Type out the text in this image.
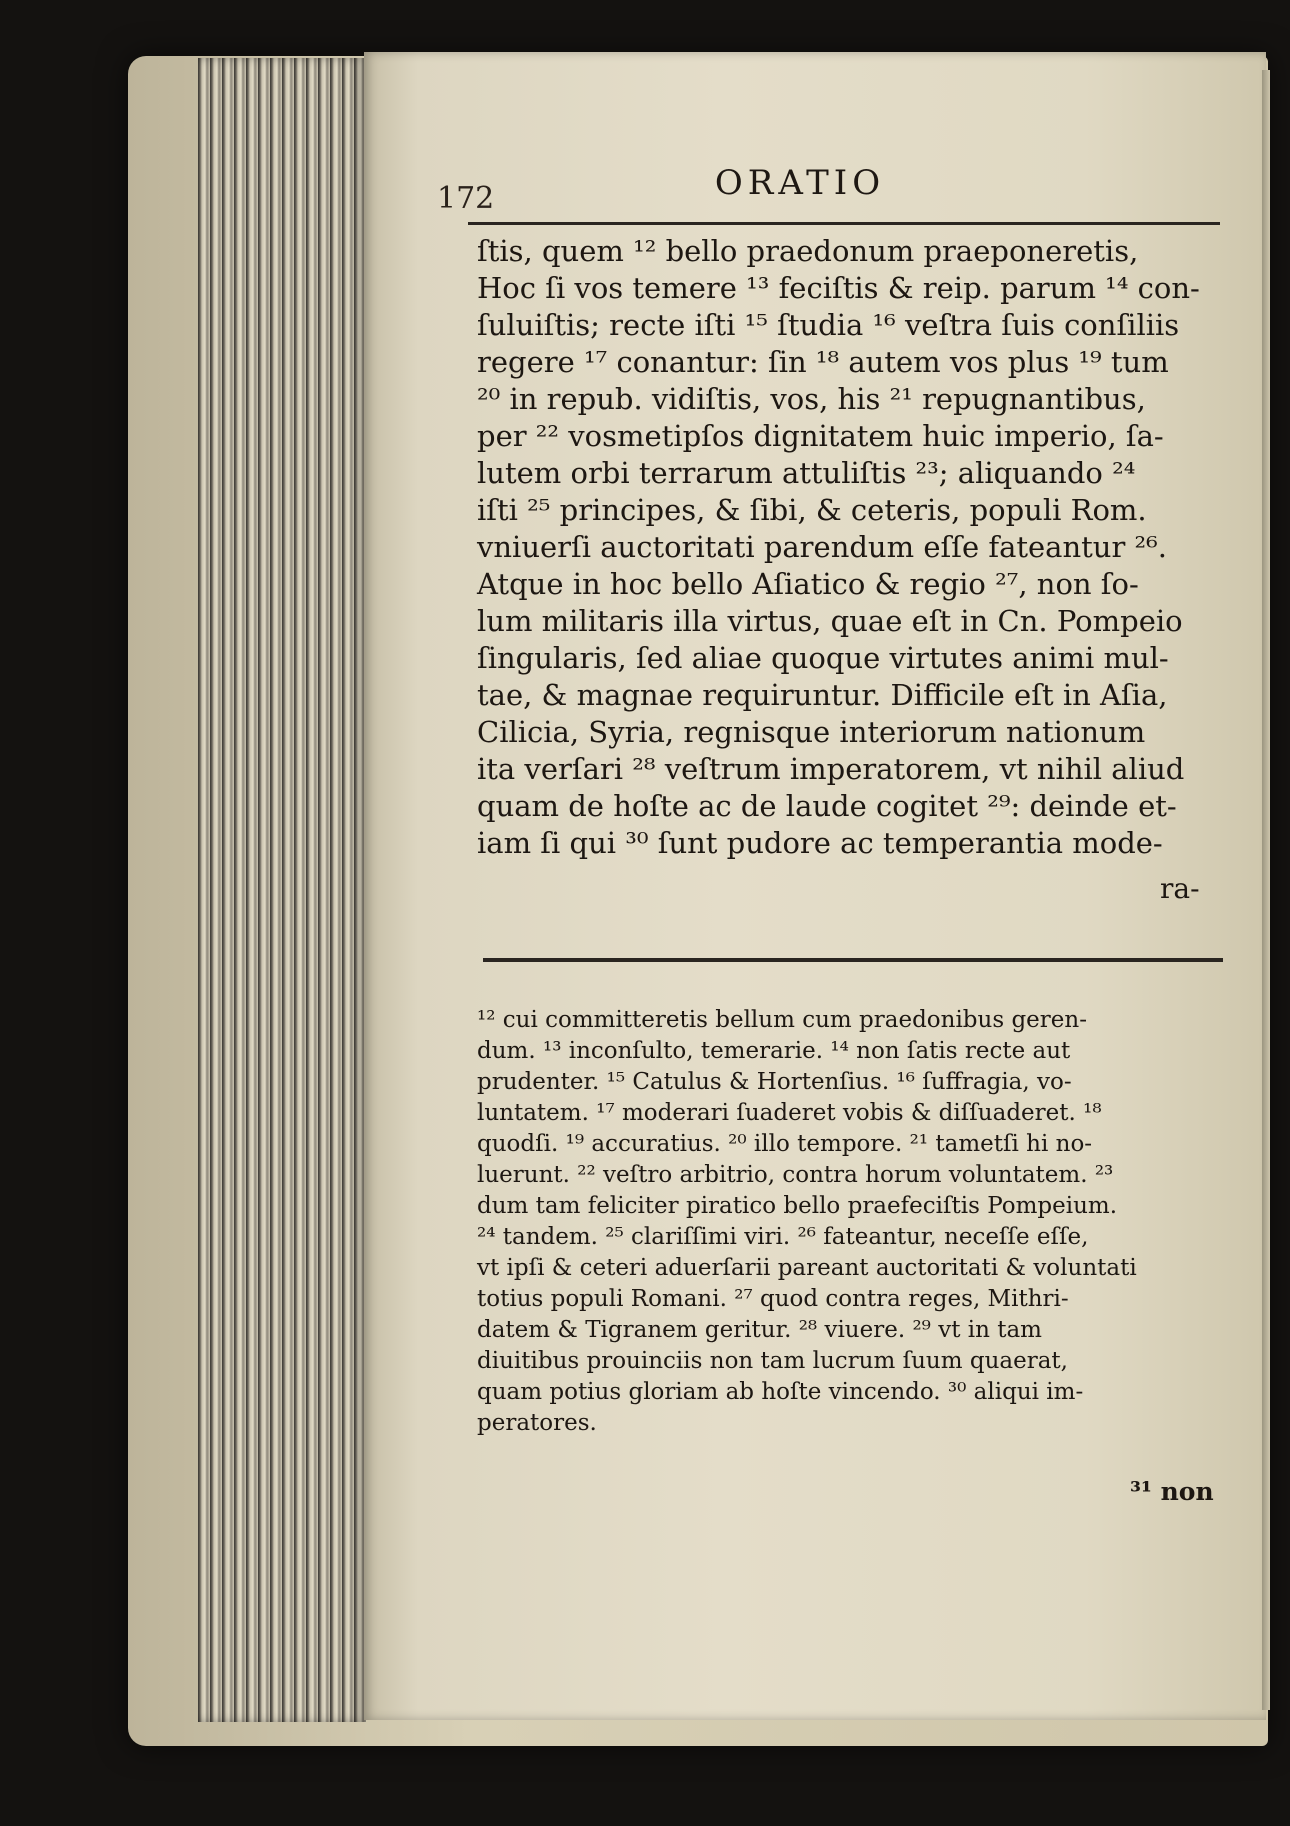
172	ORATIO
ſtis, quem ¹² bello praedonum praeponeretis,
Hoc ſi vos temere ¹³ feciſtis & reip. parum ¹⁴ con-
ſuluiſtis; recte iſti ¹⁵ ſtudia ¹⁶ veſtra ſuis conſiliis
regere ¹⁷ conantur: ſin ¹⁸ autem vos plus ¹⁹ tum
²⁰ in repub. vidiſtis, vos, his ²¹ repugnantibus,
per ²² vosmetipſos dignitatem huic imperio, ſa-
lutem orbi terrarum attuliſtis ²³; aliquando ²⁴
iſti ²⁵ principes, & ſibi, & ceteris, populi Rom.
vniuerſi auctoritati parendum eſſe fateantur ²⁶.
Atque in hoc bello Aſiatico & regio ²⁷, non ſo-
lum militaris illa virtus, quae eſt in Cn. Pompeio
ſingularis, ſed aliae quoque virtutes animi mul-
tae, & magnae requiruntur. Difficile eſt in Aſia,
Cilicia, Syria, regnisque interiorum nationum
ita verſari ²⁸ veſtrum imperatorem, vt nihil aliud
quam de hoſte ac de laude cogitet ²⁹: deinde et-
iam ſi qui ³⁰ ſunt pudore ac temperantia mode-
ra-
¹² cui committeretis bellum cum praedonibus geren-
dum. ¹³ inconſulto, temerarie. ¹⁴ non ſatis recte aut
prudenter. ¹⁵ Catulus & Hortenſius. ¹⁶ ſuffragia, vo-
luntatem. ¹⁷ moderari ſuaderet vobis & diſſuaderet. ¹⁸
quodſi. ¹⁹ accuratius. ²⁰ illo tempore. ²¹ tametſi hi no-
luerunt. ²² veſtro arbitrio, contra horum voluntatem. ²³
dum tam feliciter piratico bello praefeciſtis Pompeium.
²⁴ tandem. ²⁵ clariſſimi viri. ²⁶ fateantur, neceſſe eſſe,
vt ipſi & ceteri aduerſarii pareant auctoritati & voluntati
totius populi Romani. ²⁷ quod contra reges, Mithri-
datem & Tigranem geritur. ²⁸ viuere. ²⁹ vt in tam
diuitibus prouinciis non tam lucrum ſuum quaerat,
quam potius gloriam ab hoſte vincendo. ³⁰ aliqui im-
peratores.
³¹ non
